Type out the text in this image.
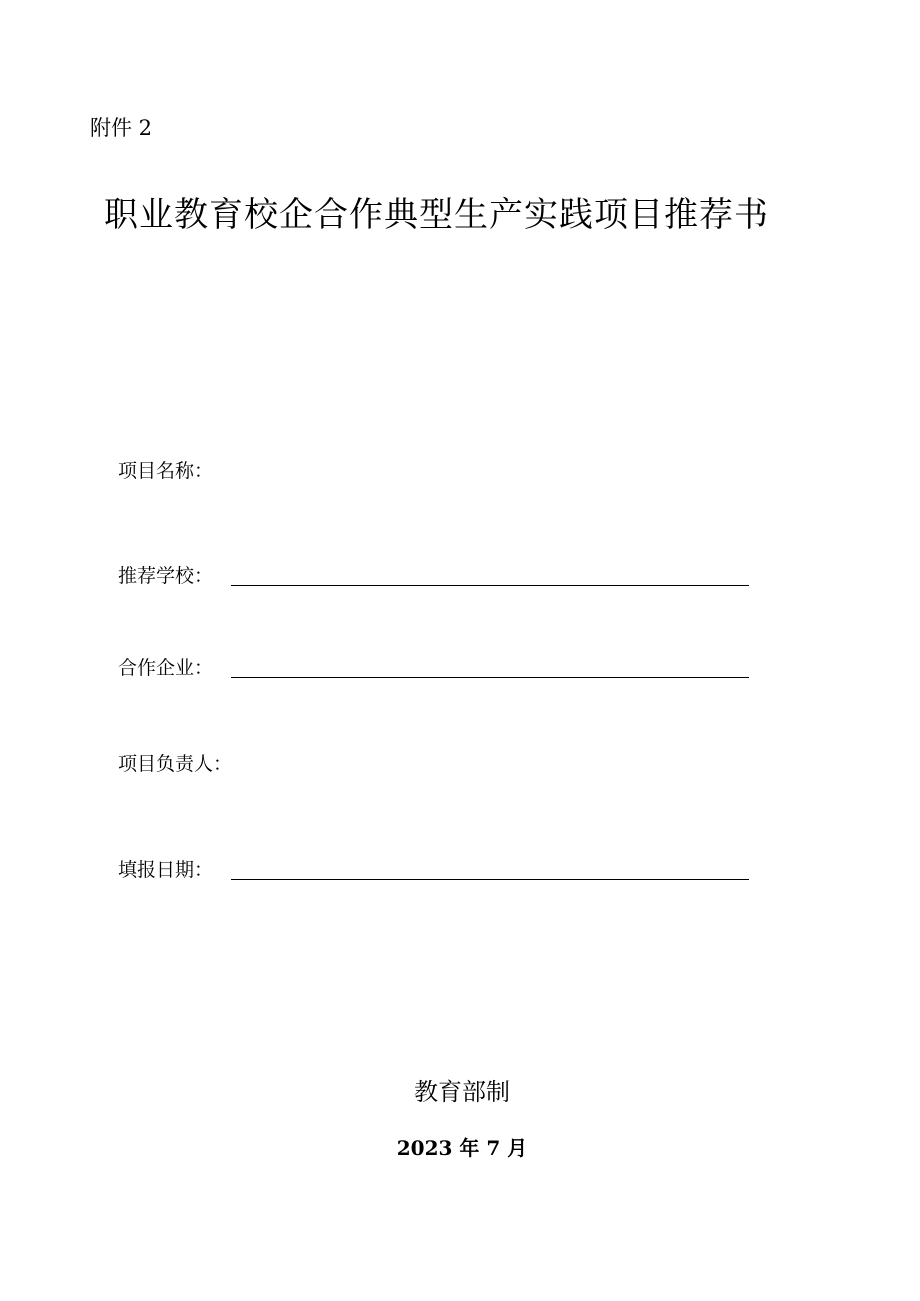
附件 2
职业教育校企合作典型生产实践项目推荐书
项目名称：
推荐学校：
合作企业：
项目负责人：
填报日期：
教育部制
2023 年 7 月
